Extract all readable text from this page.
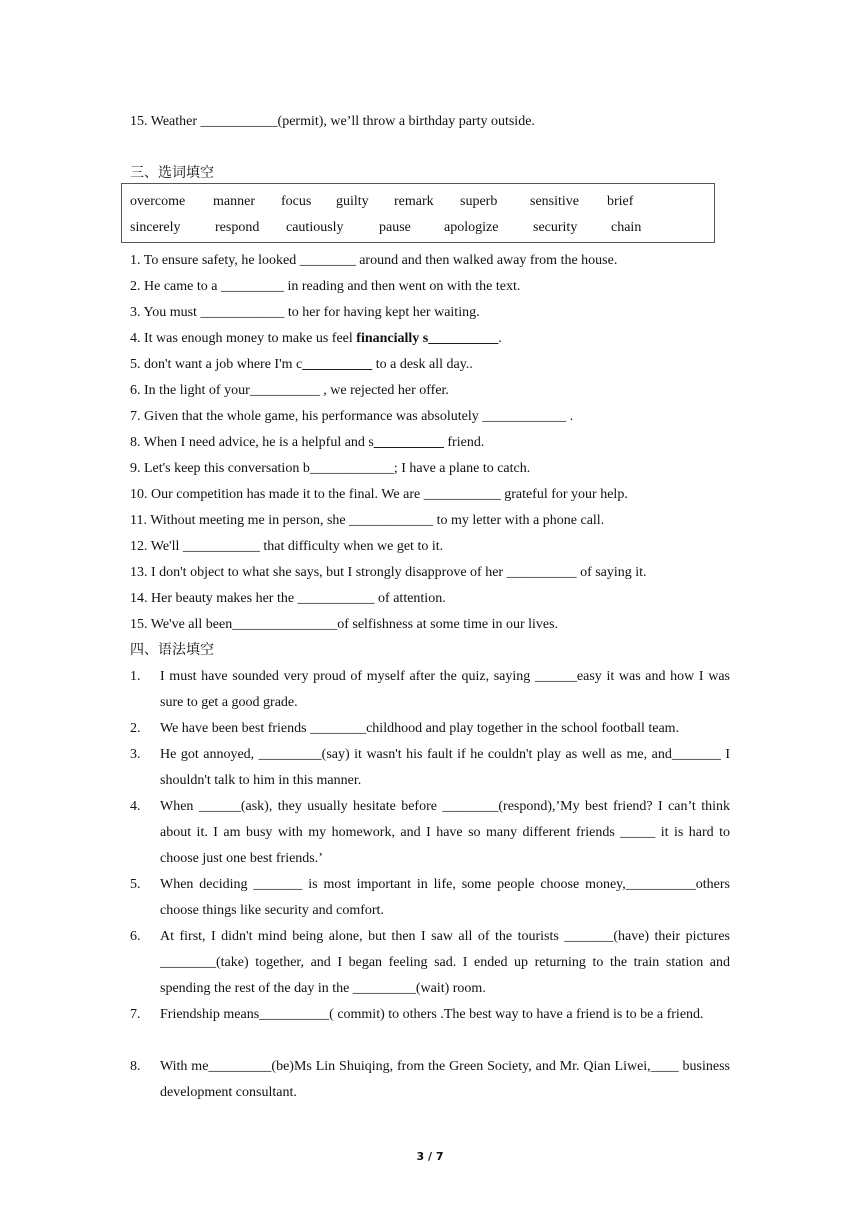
15. Weather ___________(permit), we’ll throw a birthday party outside.
三、选词填空
overcome manner focus guilty remark superb sensitive brief
sincerely respond cautiously	pause apologize security chain
1. To ensure safety, he looked ________ around and then walked away from the house.
2. He came to a _________ in reading and then went on with the text.
3. You must ____________ to her for having kept her waiting.
4. It was enough money to make us feel financially s__________.
5. don't want a job where I'm c__________ to a desk all day..
6. In the light of your__________ , we rejected her offer.
7. Given that the whole game, his performance was absolutely ____________ .
8. When I need advice, he is a helpful and s__________ friend.
9. Let's keep this conversation b____________; I have a plane to catch.
10. Our competition has made it to the final. We are ___________ grateful for your help.
11. Without meeting me in person, she ____________ to my letter with a phone call.
12. We'll ___________ that difficulty when we get to it.
13. I don't object to what she says, but I strongly disapprove of her __________ of saying it.
14. Her beauty makes her the ___________ of attention.
15. We've all been_______________of selfishness at some time in our lives.
四、语法填空
1. I must have sounded very proud of myself after the quiz, saying ______easy it was and how I was sure to get a good grade.
2. We have been best friends ________childhood and play together in the school football team.
3. He got annoyed, _________(say) it wasn't his fault if he couldn't play as well as me, and_______ I shouldn't talk to him in this manner.
4. When ______(ask), they usually hesitate before ________(respond),’My best friend? I can’t think about it. I am busy with my homework, and I have so many different friends _____ it is hard to choose just one best friends.’
5. When deciding _______ is most important in life, some people choose money,__________others choose things like security and comfort.
6. At first, I didn't mind being alone, but then I saw all of the tourists _______(have) their pictures ________(take) together, and I began feeling sad. I ended up returning to the train station and spending the rest of the day in the _________(wait) room.
7. Friendship means__________( commit) to others .The best way to have a friend is to be a friend.
8. With me_________(be)Ms Lin Shuiqing, from the Green Society, and Mr. Qian Liwei,____ business development consultant.
3 / 7
